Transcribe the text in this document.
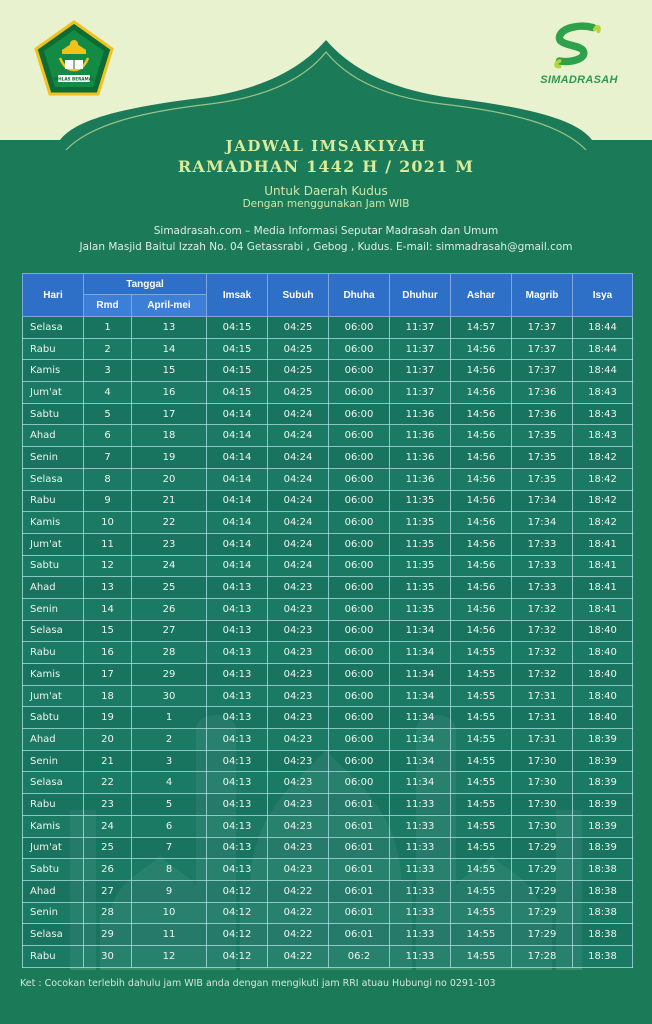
IKHLAS BERAMAL	SIMADRASAH
JADWAL IMSAKIYAH
RAMADHAN 1442 H / 2021 M
Untuk Daerah Kudus
Dengan menggunakan Jam WIB
Simadrasah.com – Media Informasi Seputar Madrasah dan Umum
Jalan Masjid Baitul Izzah No. 04 Getassrabi , Gebog , Kudus. E-mail: simmadrasah@gmail.com
Hari	Tanggal		Imsak	Subuh	Dhuha	Dhuhur	Ashar	Magrib	Isya
	Rmd	April-mei							
Selasa	1	13	04:15	04:25	06:00	11:37	14:57	17:37	18:44
Rabu	2	14	04:15	04:25	06:00	11:37	14:56	17:37	18:44
Kamis	3	15	04:15	04:25	06:00	11:37	14:56	17:37	18:44
Jum'at	4	16	04:15	04:25	06:00	11:37	14:56	17:36	18:43
Sabtu	5	17	04:14	04:24	06:00	11:36	14:56	17:36	18:43
Ahad	6	18	04:14	04:24	06:00	11:36	14:56	17:35	18:43
Senin	7	19	04:14	04:24	06:00	11:36	14:56	17:35	18:42
Selasa	8	20	04:14	04:24	06:00	11:36	14:56	17:35	18:42
Rabu	9	21	04:14	04:24	06:00	11:35	14:56	17:34	18:42
Kamis	10	22	04:14	04:24	06:00	11:35	14:56	17:34	18:42
Jum'at	11	23	04:14	04:24	06:00	11:35	14:56	17:33	18:41
Sabtu	12	24	04:14	04:24	06:00	11:35	14:56	17:33	18:41
Ahad	13	25	04:13	04:23	06:00	11:35	14:56	17:33	18:41
Senin	14	26	04:13	04:23	06:00	11:35	14:56	17:32	18:41
Selasa	15	27	04:13	04:23	06:00	11:34	14:56	17:32	18:40
Rabu	16	28	04:13	04:23	06:00	11:34	14:55	17:32	18:40
Kamis	17	29	04:13	04:23	06:00	11:34	14:55	17:32	18:40
Jum'at	18	30	04:13	04:23	06:00	11:34	14:55	17:31	18:40
Sabtu	19	1	04:13	04:23	06:00	11:34	14:55	17:31	18:40
Ahad	20	2	04:13	04:23	06:00	11:34	14:55	17:31	18:39
Senin	21	3	04:13	04:23	06:00	11:34	14:55	17:30	18:39
Selasa	22	4	04:13	04:23	06:00	11:34	14:55	17:30	18:39
Rabu	23	5	04:13	04:23	06:01	11:33	14:55	17:30	18:39
Kamis	24	6	04:13	04:23	06:01	11:33	14:55	17:30	18:39
Jum'at	25	7	04:13	04:23	06:01	11:33	14:55	17:29	18:39
Sabtu	26	8	04:13	04:23	06:01	11:33	14:55	17:29	18:38
Ahad	27	9	04:12	04:22	06:01	11:33	14:55	17:29	18:38
Senin	28	10	04:12	04:22	06:01	11:33	14:55	17:29	18:38
Selasa	29	11	04:12	04:22	06:01	11:33	14:55	17:29	18:38
Rabu	30	12	04:12	04:22	06:2	11:33	14:55	17:28	18:38
Ket : Cocokan terlebih dahulu jam WIB anda dengan mengikuti jam RRI atuau Hubungi no 0291-103
